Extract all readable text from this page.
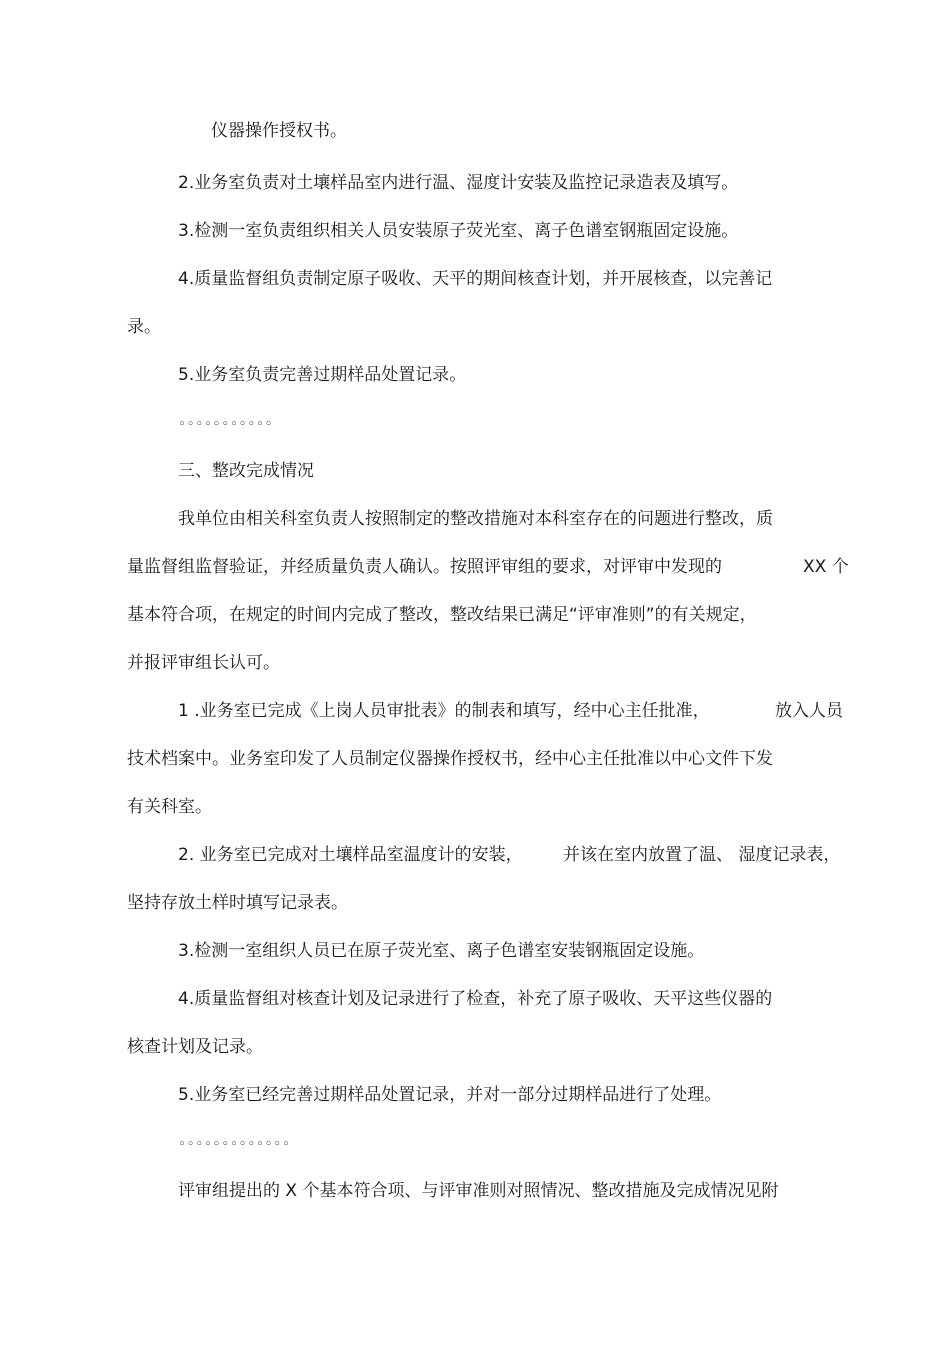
仪器操作授权书。

2.业务室负责对土壤样品室内进行温、湿度计安装及监控记录造表及填写。

3.检测一室负责组织相关人员安装原子荧光室、离子色谱室钢瓶固定设施。

4.质量监督组负责制定原子吸收、天平的期间核查计划，并开展核查，以完善记

录。

5.业务室负责完善过期样品处置记录。

◦◦◦◦◦◦◦◦◦◦◦

三、整改完成情况

我单位由相关科室负责人按照制定的整改措施对本科室存在的问题进行整改，质

量监督组监督验证，并经质量负责人确认。按照评审组的要求，对评审中发现的	XX 个

基本符合项，在规定的时间内完成了整改，整改结果已满足“评审准则”的有关规定，

并报评审组长认可。

1 .业务室已完成《上岗人员审批表》的制表和填写，经中心主任批准，	放入人员

技术档案中。业务室印发了人员制定仪器操作授权书，经中心主任批准以中心文件下发

有关科室。

2. 业务室已完成对土壤样品室温度计的安装， 并该在室内放置了温、 湿度记录表，

坚持存放土样时填写记录表。

3.检测一室组织人员已在原子荧光室、离子色谱室安装钢瓶固定设施。

4.质量监督组对核查计划及记录进行了检查，补充了原子吸收、天平这些仪器的

核查计划及记录。

5.业务室已经完善过期样品处置记录，并对一部分过期样品进行了处理。

◦◦◦◦◦◦◦◦◦◦◦◦◦

评审组提出的 X 个基本符合项、与评审准则对照情况、整改措施及完成情况见附
